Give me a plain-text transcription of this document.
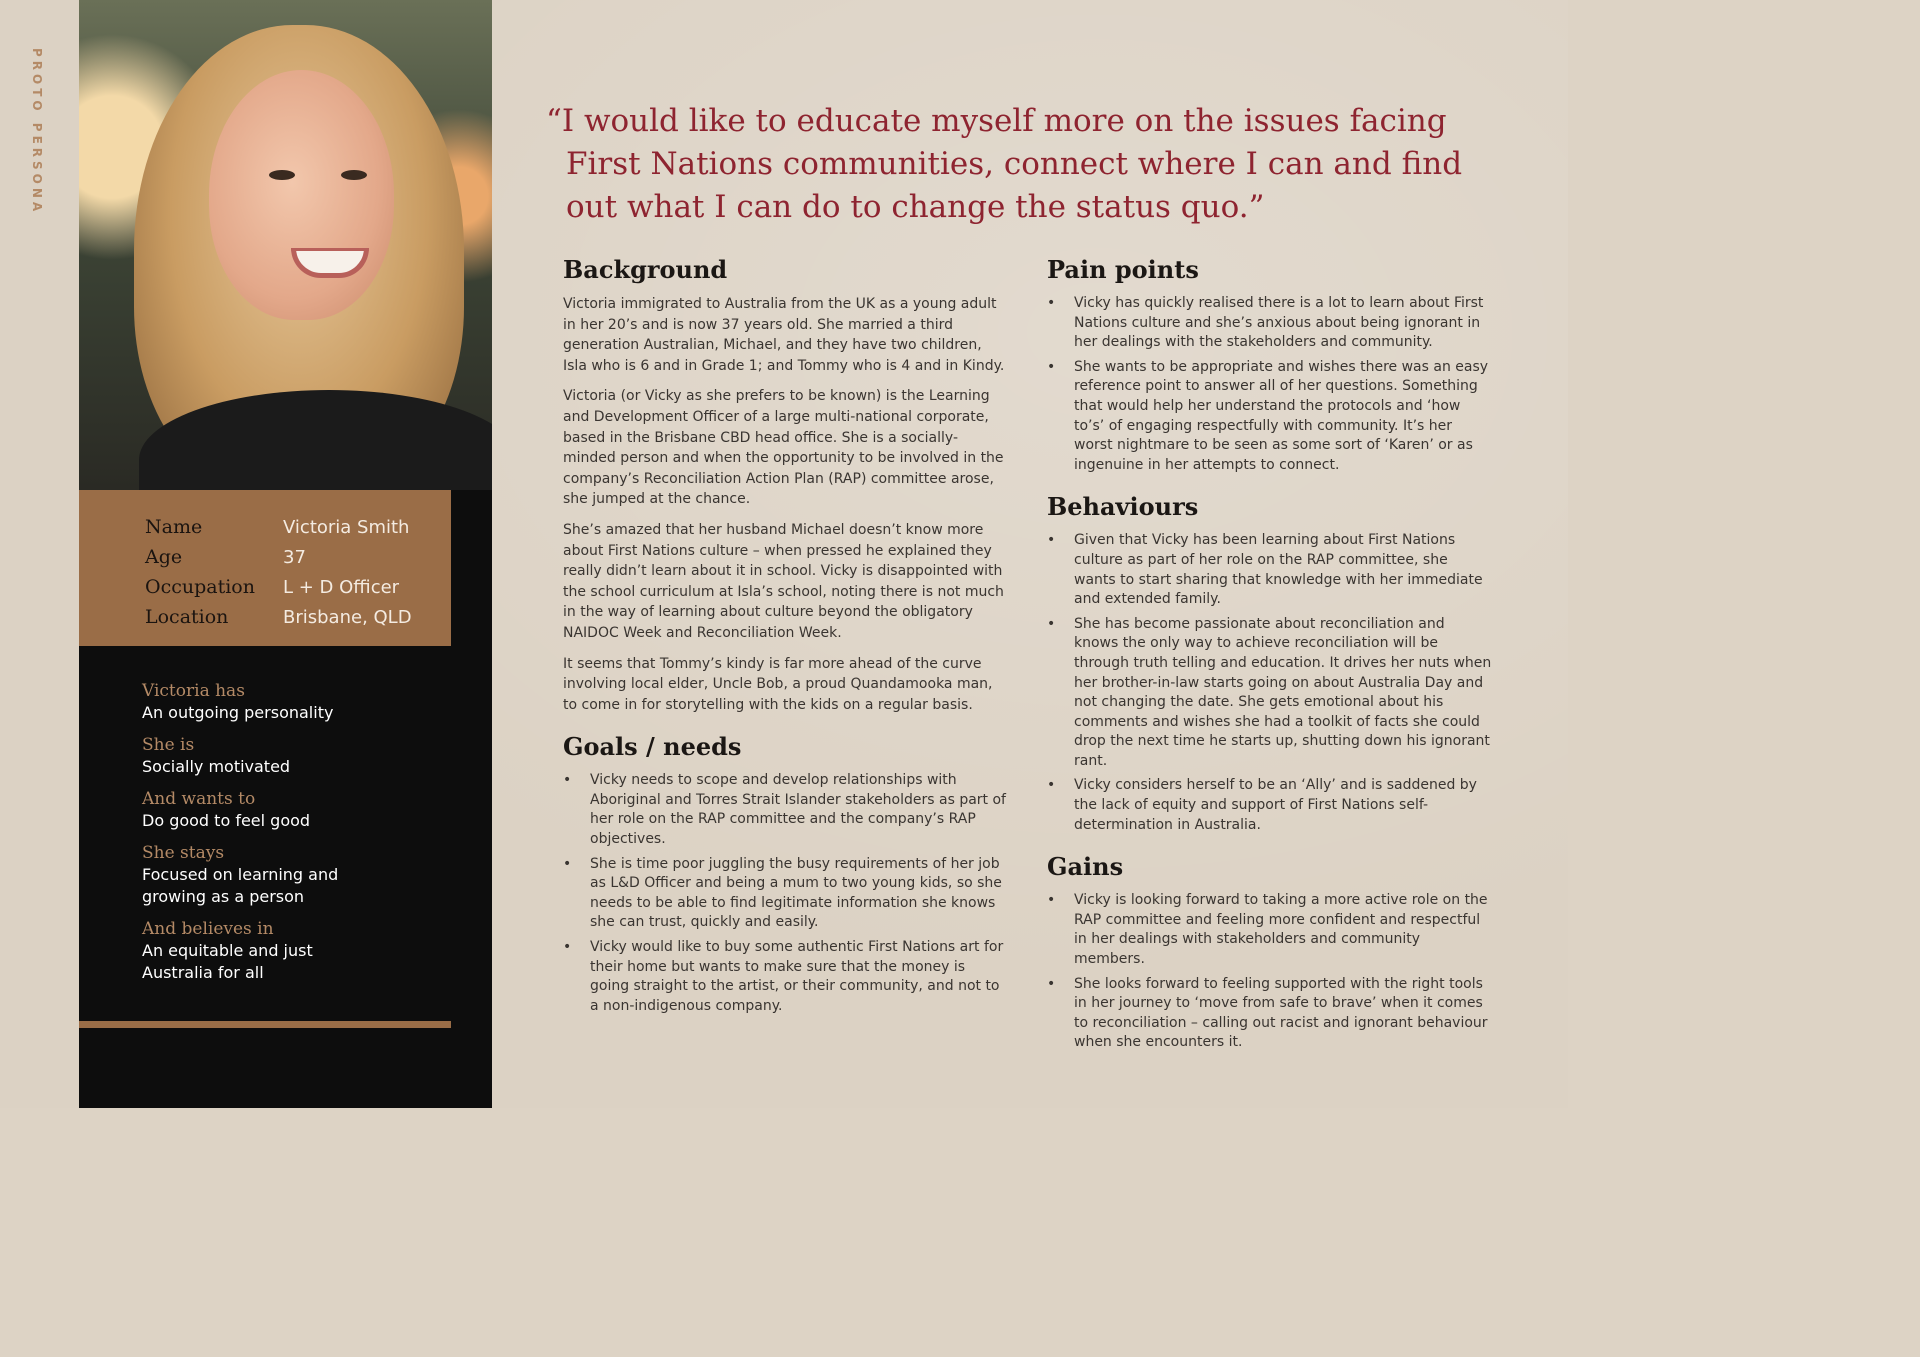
PROTO PERSONA
Name	Victoria Smith
Age	37
Occupation	L + D Officer
Location	Brisbane, QLD
Victoria has
An outgoing personality
She is
Socially motivated
And wants to
Do good to feel good
She stays
Focused on learning and
growing as a person
And believes in
An equitable and just
Australia for all
“I would like to educate myself more on the issues facing
First Nations communities, connect where I can and find
out what I can do to change the status quo.”
Background

Victoria immigrated to Australia from the UK as a young adult in her 20’s and is now 37 years old. She married a third generation Australian, Michael, and they have two children, Isla who is 6 and in Grade 1; and Tommy who is 4 and in Kindy.

Victoria (or Vicky as she prefers to be known) is the Learning and Development Officer of a large multi-national corporate, based in the Brisbane CBD head office. She is a socially-minded person and when the opportunity to be involved in the company’s Reconciliation Action Plan (RAP) committee arose, she jumped at the chance.

She’s amazed that her husband Michael doesn’t know more about First Nations culture – when pressed he explained they really didn’t learn about it in school. Vicky is disappointed with the school curriculum at Isla’s school, noting there is not much in the way of learning about culture beyond the obligatory NAIDOC Week and Reconciliation Week.

It seems that Tommy’s kindy is far more ahead of the curve involving local elder, Uncle Bob, a proud Quandamooka man, to come in for storytelling with the kids on a regular basis.

Goals / needs
• Vicky needs to scope and develop relationships with Aboriginal and Torres Strait Islander stakeholders as part of her role on the RAP committee and the company’s RAP objectives.
• She is time poor juggling the busy requirements of her job as L&D Officer and being a mum to two young kids, so she needs to be able to find legitimate information she knows she can trust, quickly and easily.
• Vicky would like to buy some authentic First Nations art for their home but wants to make sure that the money is going straight to the artist, or their community, and not to a non-indigenous company.
Pain points
• Vicky has quickly realised there is a lot to learn about First Nations culture and she’s anxious about being ignorant in her dealings with the stakeholders and community.
• She wants to be appropriate and wishes there was an easy reference point to answer all of her questions. Something that would help her understand the protocols and ‘how to’s’ of engaging respectfully with community. It’s her worst nightmare to be seen as some sort of ‘Karen’ or as ingenuine in her attempts to connect.
Behaviours
• Given that Vicky has been learning about First Nations culture as part of her role on the RAP committee, she wants to start sharing that knowledge with her immediate and extended family.
• She has become passionate about reconciliation and knows the only way to achieve reconciliation will be through truth telling and education. It drives her nuts when her brother-in-law starts going on about Australia Day and not changing the date. She gets emotional about his comments and wishes she had a toolkit of facts she could drop the next time he starts up, shutting down his ignorant rant.
• Vicky considers herself to be an ‘Ally’ and is saddened by the lack of equity and support of First Nations self-determination in Australia.
Gains
• Vicky is looking forward to taking a more active role on the RAP committee and feeling more confident and respectful in her dealings with stakeholders and community members.
• She looks forward to feeling supported with the right tools in her journey to ‘move from safe to brave’ when it comes to reconciliation – calling out racist and ignorant behaviour when she encounters it.
